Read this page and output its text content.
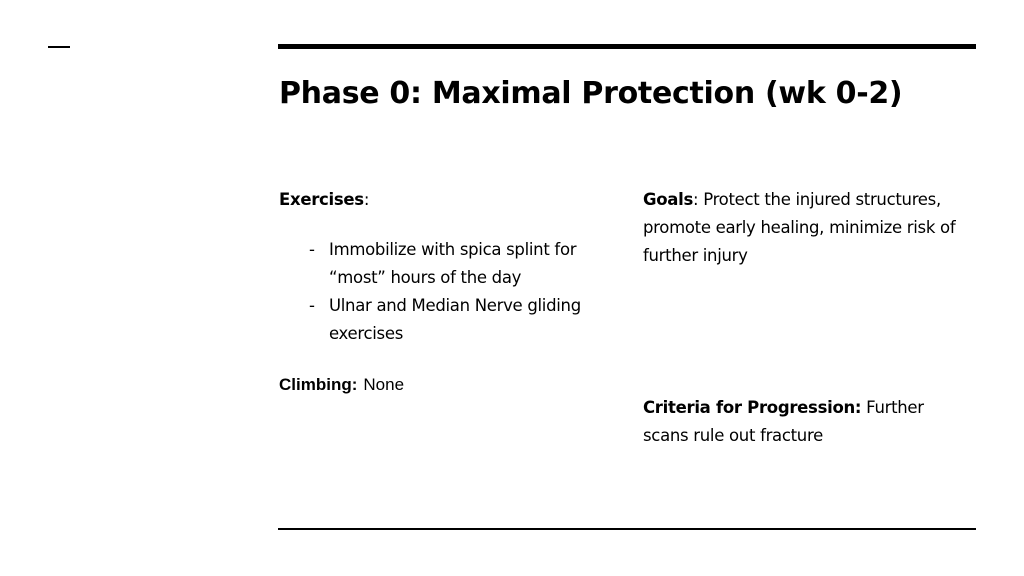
Phase 0: Maximal Protection (wk 0-2)

Exercises:

- Immobilize with spica splint for “most” hours of the day
- Ulnar and Median Nerve gliding exercises

Climbing: None

Goals: Protect the injured structures, promote early healing, minimize risk of further injury

Criteria for Progression: Further scans rule out fracture
